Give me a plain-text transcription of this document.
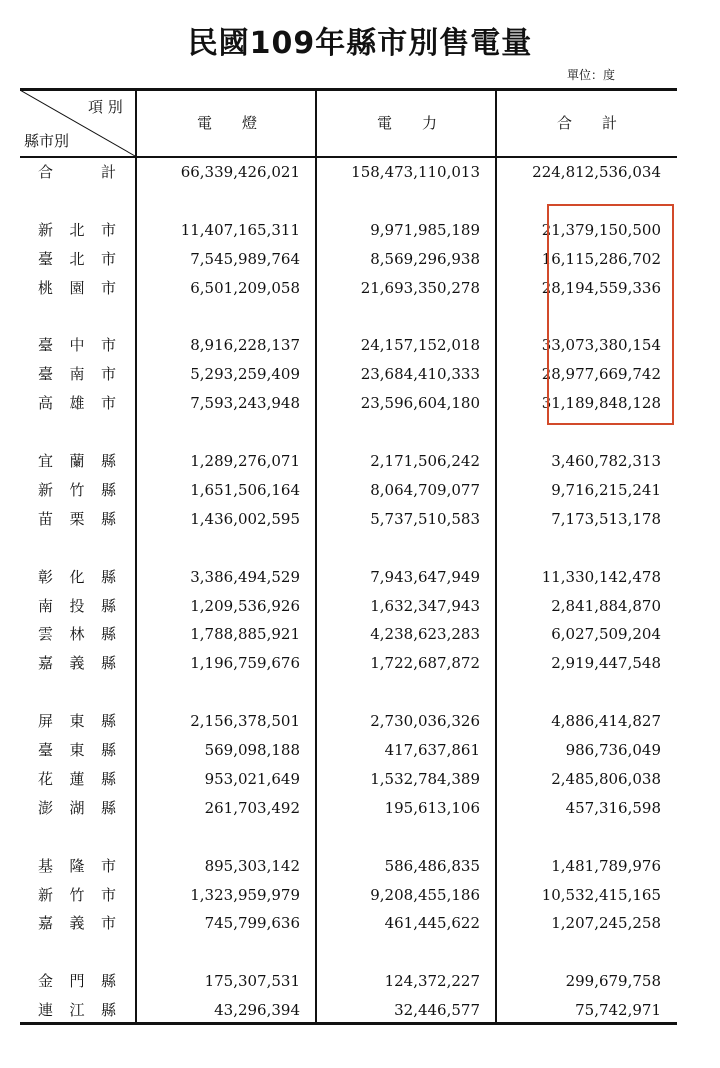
民國109年縣市別售電量
單位：度
項 別
縣市別
電　　燈	電　　力	合　　計
合計	66,339,426,021	158,473,110,013	224,812,536,034
新北市	11,407,165,311	9,971,985,189	21,379,150,500
臺北市	7,545,989,764	8,569,296,938	16,115,286,702
桃園市	6,501,209,058	21,693,350,278	28,194,559,336
臺中市	8,916,228,137	24,157,152,018	33,073,380,154
臺南市	5,293,259,409	23,684,410,333	28,977,669,742
高雄市	7,593,243,948	23,596,604,180	31,189,848,128
宜蘭縣	1,289,276,071	2,171,506,242	3,460,782,313
新竹縣	1,651,506,164	8,064,709,077	9,716,215,241
苗栗縣	1,436,002,595	5,737,510,583	7,173,513,178
彰化縣	3,386,494,529	7,943,647,949	11,330,142,478
南投縣	1,209,536,926	1,632,347,943	2,841,884,870
雲林縣	1,788,885,921	4,238,623,283	6,027,509,204
嘉義縣	1,196,759,676	1,722,687,872	2,919,447,548
屏東縣	2,156,378,501	2,730,036,326	4,886,414,827
臺東縣	569,098,188	417,637,861	986,736,049
花蓮縣	953,021,649	1,532,784,389	2,485,806,038
澎湖縣	261,703,492	195,613,106	457,316,598
基隆市	895,303,142	586,486,835	1,481,789,976
新竹市	1,323,959,979	9,208,455,186	10,532,415,165
嘉義市	745,799,636	461,445,622	1,207,245,258
金門縣	175,307,531	124,372,227	299,679,758
連江縣	43,296,394	32,446,577	75,742,971
